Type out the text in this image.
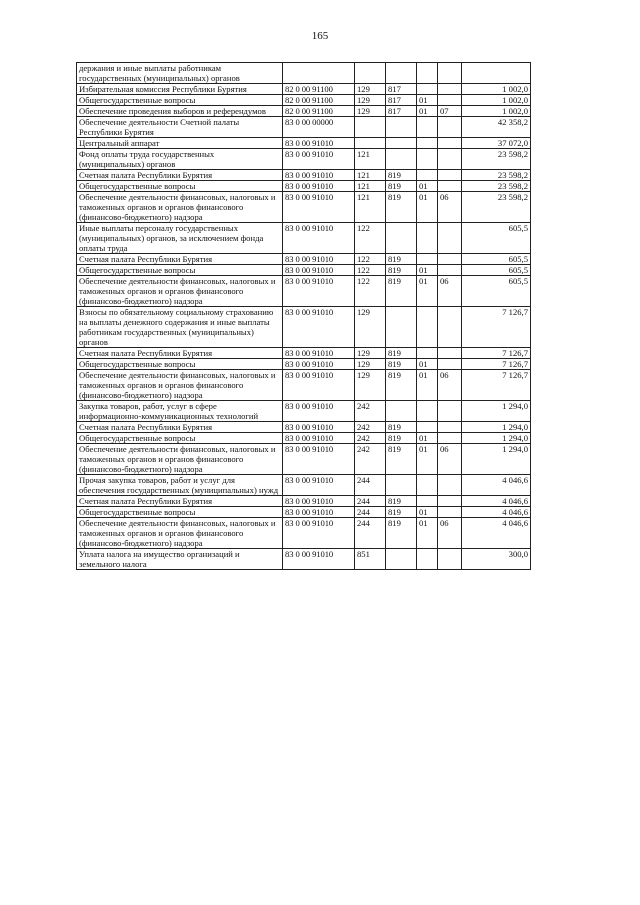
165
держания и иные выплаты работникам государственных (муниципальных) органов						
Избирательная комиссия Республики Бурятия	82 0 00 91100	129	817			1 002,0
Общегосударственные вопросы	82 0 00 91100	129	817	01		1 002,0
Обеспечение проведения выборов и референдумов	82 0 00 91100	129	817	01	07	1 002,0
Обеспечение деятельности Счетной палаты Республики Бурятия	83 0 00 00000					42 358,2
Центральный аппарат	83 0 00 91010					37 072,0
Фонд оплаты труда государственных (муниципальных) органов	83 0 00 91010	121				23 598,2
Счетная палата Республики Бурятия	83 0 00 91010	121	819			23 598,2
Общегосударственные вопросы	83 0 00 91010	121	819	01		23 598,2
Обеспечение деятельности финансовых, налоговых и таможенных органов и органов финансового (финансово-бюджетного) надзора	83 0 00 91010	121	819	01	06	23 598,2
Иные выплаты персоналу государственных (муниципальных) органов, за исключением фонда оплаты труда	83 0 00 91010	122				605,5
Счетная палата Республики Бурятия	83 0 00 91010	122	819			605,5
Общегосударственные вопросы	83 0 00 91010	122	819	01		605,5
Обеспечение деятельности финансовых, налоговых и таможенных органов и органов финансового (финансово-бюджетного) надзора	83 0 00 91010	122	819	01	06	605,5
Взносы по обязательному социальному страхованию на выплаты денежного содержания и иные выплаты работникам государственных (муниципальных) органов	83 0 00 91010	129				7 126,7
Счетная палата Республики Бурятия	83 0 00 91010	129	819			7 126,7
Общегосударственные вопросы	83 0 00 91010	129	819	01		7 126,7
Обеспечение деятельности финансовых, налоговых и таможенных органов и органов финансового (финансово-бюджетного) надзора	83 0 00 91010	129	819	01	06	7 126,7
Закупка товаров, работ, услуг в сфере информационно-коммуникационных технологий	83 0 00 91010	242				1 294,0
Счетная палата Республики Бурятия	83 0 00 91010	242	819			1 294,0
Общегосударственные вопросы	83 0 00 91010	242	819	01		1 294,0
Обеспечение деятельности финансовых, налоговых и таможенных органов и органов финансового (финансово-бюджетного) надзора	83 0 00 91010	242	819	01	06	1 294,0
Прочая закупка товаров, работ и услуг для обеспечения государственных (муниципальных) нужд	83 0 00 91010	244				4 046,6
Счетная палата Республики Бурятия	83 0 00 91010	244	819			4 046,6
Общегосударственные вопросы	83 0 00 91010	244	819	01		4 046,6
Обеспечение деятельности финансовых, налоговых и таможенных органов и органов финансового (финансово-бюджетного) надзора	83 0 00 91010	244	819	01	06	4 046,6
Уплата налога на имущество организаций и земельного налога	83 0 00 91010	851				300,0
